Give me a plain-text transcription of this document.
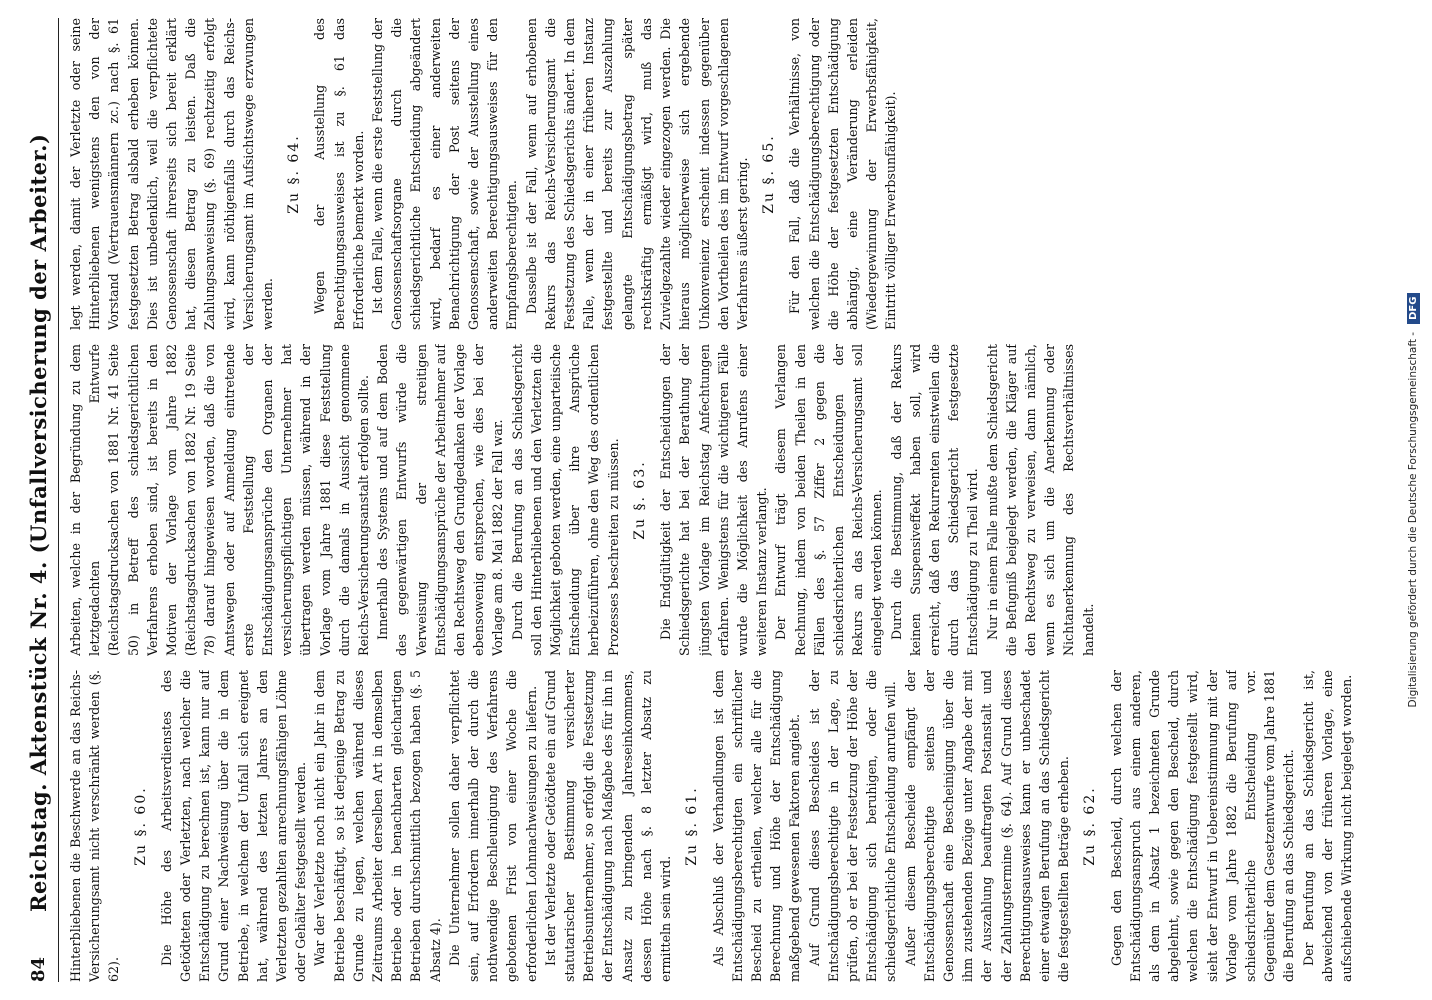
84
Reichstag. Aktenstück Nr. 4. (Unfallversicherung der Arbeiter.) Hinterbliebenen die Beschwerde an das Reichs-Versicherungsamt nicht verschränkt werden (§. 62).

Zu §. 60. Die Höhe des Arbeitsverdienstes des Getödteten oder Verletzten, nach welcher die Entschädigung zu berechnen ist, kann nur auf Grund einer Nachweisung über die in dem Betriebe, in welchem der Unfall sich ereignet hat, während des letzten Jahres an den Verletzten gezahlten anrechnungsfähigen Löhne oder Gehälter festgestellt werden. War der Verletzte noch nicht ein Jahr in dem Betriebe beschäftigt, so ist derjenige Betrag zu Grunde zu legen, welchen während dieses Zeitraums Arbeiter derselben Art in demselben Betriebe oder in benachbarten gleichartigen Betrieben durchschnittlich bezogen haben (§. 5 Absatz 4). Die Unternehmer sollen daher verpflichtet sein, auf Erfordern innerhalb der durch die nothwendige Beschleunigung des Verfahrens gebotenen Frist von einer Woche die erforderlichen Lohnnachweisungen zu liefern. Ist der Verletzte oder Getödtete ein auf Grund statutarischer Bestimmung versicherter Betriebsunternehmer, so erfolgt die Festsetzung der Entschädigung nach Maßgabe des für ihn in Ansatz zu bringenden Jahreseinkommens, dessen Höhe nach §. 8 letzter Absatz zu ermitteln sein wird.

Zu §. 61. Als Abschluß der Verhandlungen ist dem Entschädigungsberechtigten ein schriftlicher Bescheid zu ertheilen, welcher alle für die Berechnung und Höhe der Entschädigung maßgebend gewesenen Faktoren angiebt. Auf Grund dieses Bescheides ist der Entschädigungsberechtigte in der Lage, zu prüfen, ob er bei der Festsetzung der Höhe der Entschädigung sich beruhigen, oder die schiedsgerichtliche Entscheidung anrufen will. Außer diesem Bescheide empfängt der Entschädigungsberechtigte seitens der Genossenschaft eine Bescheinigung über die ihm zustehenden Bezüge unter Angabe der mit der Auszahlung beauftragten Postanstalt und der Zahlungstermine (§. 64). Auf Grund dieses Berechtigungsausweises kann er unbeschadet einer etwaigen Berufung an das Schiedsgericht die festgestellten Beträge erheben. Zu §. 62. Gegen den Bescheid, durch welchen der Entschädigungsanspruch aus einem anderen, als dem in Absatz 1 bezeichneten Grunde abgelehnt, sowie gegen den Bescheid, durch welchen die Entschädigung festgestellt wird, sieht der Entwurf in Uebereinstimmung mit der Vorlage vom Jahre 1882 die Berufung auf schiedsrichterliche Entscheidung vor. Gegenüber dem Gesetzentwurfe vom Jahre 1881 die Berufung an das Schiedsgericht. Der Berufung an das Schiedsgericht ist, abweichend von der früheren Vorlage, eine aufschiebende Wirkung nicht beigelegt worden.

Arbeiten, welche in der Begründung zu dem letztgedachten Entwurfe (Reichstagsdrucksachen von 1881 Nr. 41 Seite 50) in Betreff des schiedsgerichtlichen Verfahrens erhoben sind, ist bereits in den Motiven der Vorlage vom Jahre 1882 (Reichstagsdrucksachen von 1882 Nr. 19 Seite 78) darauf hingewiesen worden, daß die von Amtswegen oder auf Anmeldung eintretende erste Feststellung der Entschädigungsansprüche den Organen der versicherungspflichtigen Unternehmer hat übertragen werden müssen, während in der Vorlage vom Jahre 1881 diese Feststellung durch die damals in Aussicht genommene Reichs-Versicherungsanstalt erfolgen sollte. Innerhalb des Systems und auf dem Boden des gegenwärtigen Entwurfs würde die Verweisung der streitigen Entschädigungsansprüche der Arbeitnehmer auf den Rechtsweg den Grundgedanken der Vorlage ebensowenig entsprechen, wie dies bei der Vorlage am 8. Mai 1882 der Fall war. Durch die Berufung an das Schiedsgericht soll den Hinterbliebenen und den Verletzten die Möglichkeit geboten werden, eine unparteiische Entscheidung über ihre Ansprüche herbeizuführen, ohne den Weg des ordentlichen Prozesses beschreiten zu müssen. Zu §. 63. Die Endgültigkeit der Entscheidungen der Schiedsgerichte hat bei der Berathung der jüngsten Vorlage im Reichstag Anfechtungen erfahren. Wenigstens für die wichtigeren Fälle wurde die Möglichkeit des Anrufens einer weiteren Instanz verlangt. Der Entwurf trägt diesem Verlangen Rechnung, indem von beiden Theilen in den Fällen des §. 57 Ziffer 2 gegen die schiedsrichterlichen Entscheidungen der Rekurs an das Reichs-Versicherungsamt soll eingelegt werden können. Durch die Bestimmung, daß der Rekurs keinen Suspensiveffekt haben soll, wird erreicht, daß den Rekurrenten einstweilen die durch das Schiedsgericht festgesetzte Entschädigung zu Theil wird. Nur in einem Falle mußte dem Schiedsgericht die Befugniß beigelegt werden, die Kläger auf den Rechtsweg zu verweisen, dann nämlich, wenn es sich um die Anerkennung oder Nichtanerkennung des Rechtsverhältnisses handelt.

legt werden, damit der Verletzte oder seine Hinterbliebenen wenigstens den von der Vorstand (Vertrauensmännern zc.) nach §. 61 festgesetzten Betrag alsbald erheben können. Dies ist unbedenklich, weil die verpflichtete Genossenschaft ihrerseits sich bereit erklärt hat, diesen Betrag zu leisten. Daß die Zahlungsanweisung (§. 69) rechtzeitig erfolgt wird, kann nöthigenfalls durch das Reichs-Versicherungsamt im Aufsichtswege erzwungen werden.

Zu §. 64. Wegen der Ausstellung des Berechtigungsausweises ist zu §. 61 das Erforderliche bemerkt worden. Ist dem Falle, wenn die erste Feststellung der Genossenschaftsorgane durch die schiedsgerichtliche Entscheidung abgeändert wird, bedarf es einer anderweiten Benachrichtigung der Post seitens der Genossenschaft, sowie der Ausstellung eines anderweiten Berechtigungsausweises für den Empfangsberechtigten. Dasselbe ist der Fall, wenn auf erhobenen Rekurs das Reichs-Versicherungsamt die Festsetzung des Schiedsgerichts ändert. In dem Falle, wenn der in einer früheren Instanz festgestellte und bereits zur Auszahlung gelangte Entschädigungsbetrag später rechtskräftig ermäßigt wird, muß das Zuvielgezahlte wieder eingezogen werden. Die hieraus möglicherweise sich ergebende Unkonvenienz erscheint indessen gegenüber den Vortheilen des im Entwurf vorgeschlagenen Verfahrens äußerst gering. Zu §. 65. Für den Fall, daß die Verhältnisse, von welchen die Entschädigungsberechtigung oder die Höhe der festgesetzten Entschädigung abhängig, eine Veränderung erleiden (Wiedergewinnung der Erwerbsfähigkeit, Eintritt völliger Erwerbsunfähigkeit).

Digitalisierung gefördert durch die Deutsche Forschungsgemeinschaft -
DFG
